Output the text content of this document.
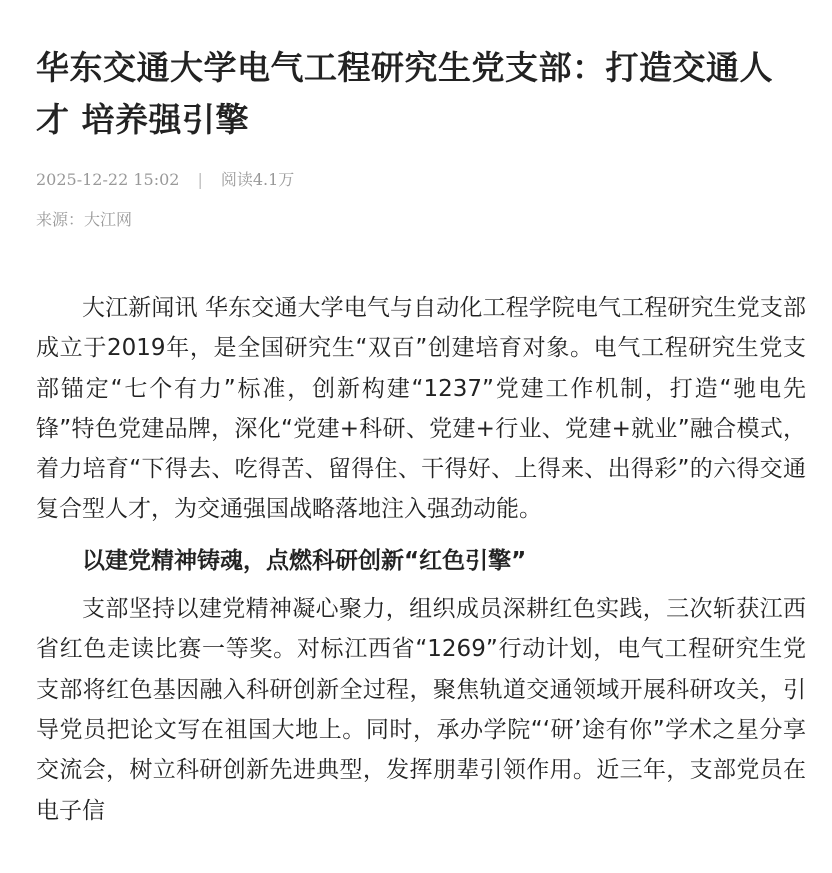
华东交通大学电气工程研究生党支部：打造交通人才 培养强引擎
2025-12-22 15:02 | 阅读4.1万
来源：大江网

大江新闻讯 华东交通大学电气与自动化工程学院电气工程研究生党支部成立于2019年，是全国研究生“双百”创建培育对象。电气工程研究生党支部锚定“七个有力”标准，创新构建“1237”党建工作机制，打造“驰电先锋”特色党建品牌，深化“党建+科研、党建+行业、党建+就业”融合模式，着力培育“下得去、吃得苦、留得住、干得好、上得来、出得彩”的六得交通复合型人才，为交通强国战略落地注入强劲动能。

以建党精神铸魂，点燃科研创新“红色引擎”

支部坚持以建党精神凝心聚力，组织成员深耕红色实践，三次斩获江西省红色走读比赛一等奖。对标江西省“1269”行动计划，电气工程研究生党支部将红色基因融入科研创新全过程，聚焦轨道交通领域开展科研攻关，引导党员把论文写在祖国大地上。同时，承办学院“‘研’途有你”学术之星分享交流会，树立科研创新先进典型，发挥朋辈引领作用。近三年，支部党员在电子信
